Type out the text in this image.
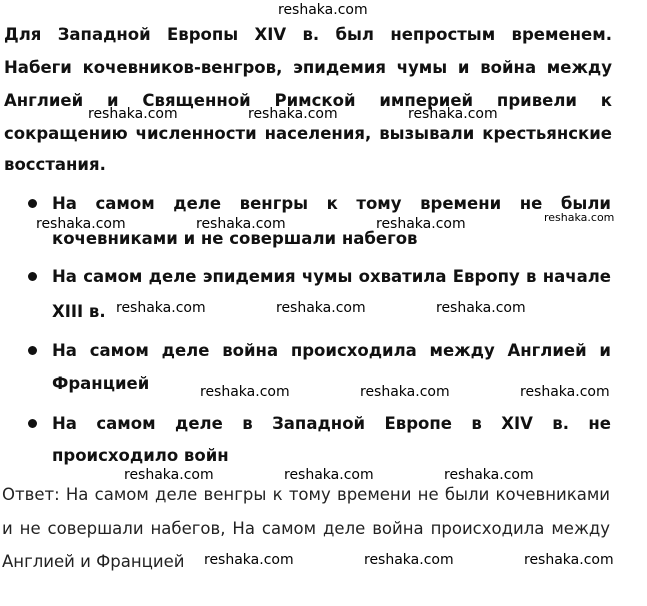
Для Западной Европы XIV в. был непростым временем.
Набеги кочевников-венгров, эпидемия чумы и война между
Англией и Священной Римской империей привели к
сокращению численности населения, вызывали крестьянские
восстания.
На самом деле венгры к тому времени не были
кочевниками и не совершали набегов
На самом деле эпидемия чумы охватила Европу в начале
XIII в.
На самом деле война происходила между Англией и
Францией
На самом деле в Западной Европе в XIV в. не
происходило войн
Ответ: На самом деле венгры к тому времени не были кочевниками
и не совершали набегов, На самом деле война происходила между
Англией и Францией
reshaka.com
reshaka.com	reshaka.com	reshaka.com
reshaka.com	reshaka.com	reshaka.com	reshaka.com
reshaka.com	reshaka.com	reshaka.com
reshaka.com	reshaka.com	reshaka.com
reshaka.com	reshaka.com	reshaka.com
reshaka.com	reshaka.com	reshaka.com
